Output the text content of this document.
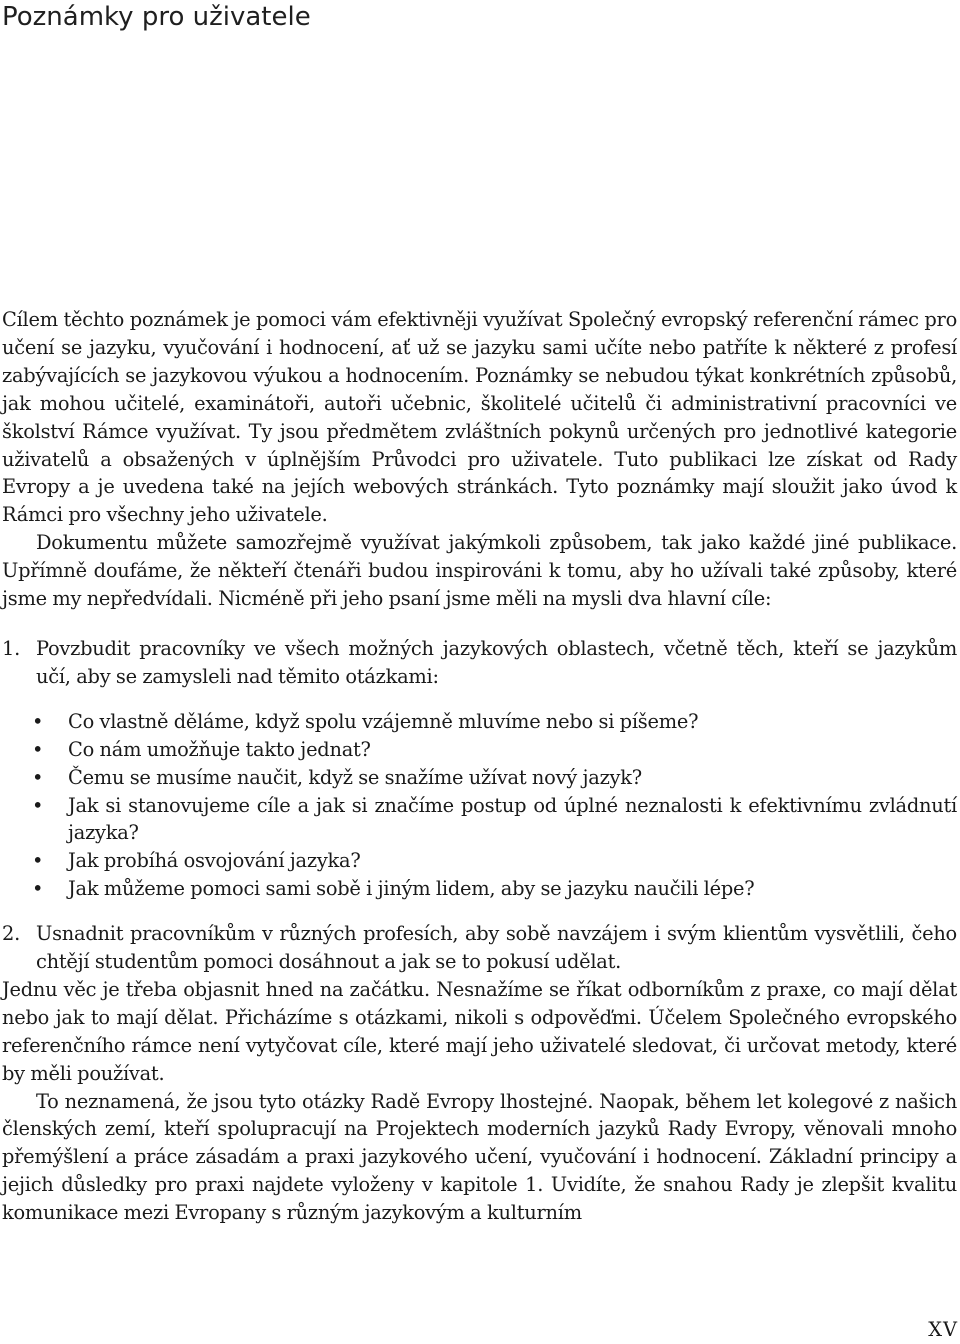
Poznámky pro uživatele

Cílem těchto poznámek je pomoci vám efektivněji využívat Společný evropský referenční rámec pro učení se jazyku, vyučování i hodnocení, ať už se jazyku sami učíte nebo patříte k některé z profesí zabývajících se jazykovou výukou a hodnocením. Poznámky se nebudou týkat konkrétních způsobů, jak mohou učitelé, examinátoři, autoři učebnic, školitelé učitelů či administrativní pracovníci ve školství Rámce využívat. Ty jsou předmětem zvláštních pokynů určených pro jednotlivé kategorie uživatelů a obsažených v úplnějším Průvodci pro uživatele. Tuto publikaci lze získat od Rady Evropy a je uvedena také na jejích webových stránkách. Tyto poznámky mají sloužit jako úvod k Rámci pro všechny jeho uživatele.

Dokumentu můžete samozřejmě využívat jakýmkoli způsobem, tak jako každé jiné publikace. Upřímně doufáme, že někteří čtenáři budou inspirováni k tomu, aby ho užívali také způsoby, které jsme my nepředvídali. Nicméně při jeho psaní jsme měli na mysli dva hlavní cíle:

1. Povzbudit pracovníky ve všech možných jazykových oblastech, včetně těch, kteří se jazykům učí, aby se zamysleli nad těmito otázkami:
•	Co vlastně děláme, když spolu vzájemně mluvíme nebo si píšeme?
•	Co nám umožňuje takto jednat?
•	Čemu se musíme naučit, když se snažíme užívat nový jazyk?
•	Jak si stanovujeme cíle a jak si značíme postup od úplné neznalosti k efektivnímu zvládnutí jazyka?
•	Jak probíhá osvojování jazyka?
•	Jak můžeme pomoci sami sobě i jiným lidem, aby se jazyku naučili lépe?
2. Usnadnit pracovníkům v různých profesích, aby sobě navzájem i svým klientům vysvětlili, čeho chtějí studentům pomoci dosáhnout a jak se to pokusí udělat.

Jednu věc je třeba objasnit hned na začátku. Nesnažíme se říkat odborníkům z praxe, co mají dělat nebo jak to mají dělat. Přicházíme s otázkami, nikoli s odpověďmi. Účelem Společného evropského referenčního rámce není vytyčovat cíle, které mají jeho uživatelé sledovat, či určovat metody, které by měli používat.

To neznamená, že jsou tyto otázky Radě Evropy lhostejné. Naopak, během let kolegové z našich členských zemí, kteří spolupracují na Projektech moderních jazyků Rady Evropy, věnovali mnoho přemýšlení a práce zásadám a praxi jazykového učení, vyučování i hodnocení. Základní principy a jejich důsledky pro praxi najdete vyloženy v kapitole 1. Uvidíte, že snahou Rady je zlepšit kvalitu komunikace mezi Evropany s různým jazykovým a kulturním

XV
